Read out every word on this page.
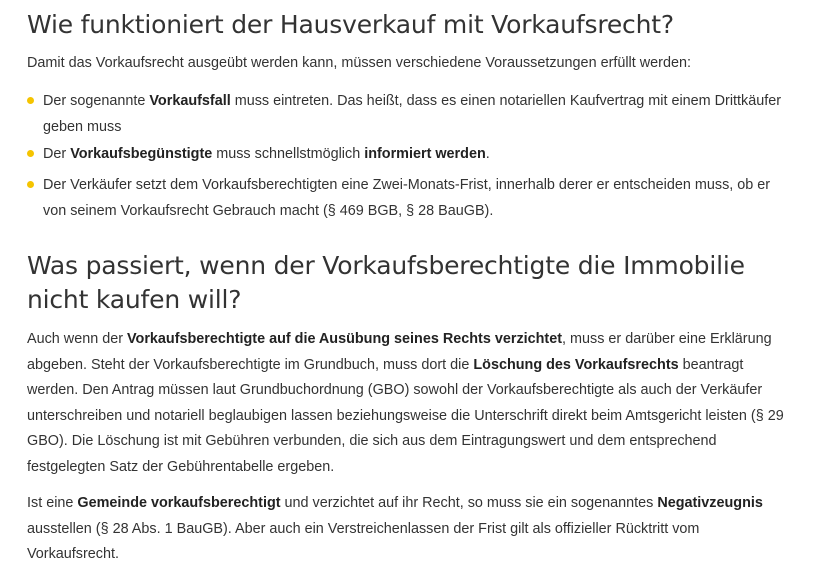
Wie funktioniert der Hausverkauf mit Vorkaufsrecht?

Damit das Vorkaufsrecht ausgeübt werden kann, müssen verschiedene Voraussetzungen erfüllt werden:

Der sogenannte Vorkaufsfall muss eintreten. Das heißt, dass es einen notariellen Kaufvertrag mit einem Drittkäufer geben muss
Der Vorkaufsbegünstigte muss schnellstmöglich informiert werden.
Der Verkäufer setzt dem Vorkaufsberechtigten eine Zwei-Monats-Frist, innerhalb derer er entscheiden muss, ob er von seinem Vorkaufsrecht Gebrauch macht (§ 469 BGB, § 28 BauGB).
Was passiert, wenn der Vorkaufsberechtigte die Immobilie nicht kaufen will?

Auch wenn der Vorkaufsberechtigte auf die Ausübung seines Rechts verzichtet, muss er darüber eine Erklärung abgeben. Steht der Vorkaufsberechtigte im Grundbuch, muss dort die Löschung des Vorkaufsrechts beantragt werden. Den Antrag müssen laut Grundbuchordnung (GBO) sowohl der Vorkaufsberechtigte als auch der Verkäufer unterschreiben und notariell beglaubigen lassen beziehungsweise die Unterschrift direkt beim Amtsgericht leisten (§ 29 GBO). Die Löschung ist mit Gebühren verbunden, die sich aus dem Eintragungswert und dem entsprechend festgelegten Satz der Gebührentabelle ergeben.

Ist eine Gemeinde vorkaufsberechtigt und verzichtet auf ihr Recht, so muss sie ein sogenanntes Negativzeugnis ausstellen (§ 28 Abs. 1 BauGB). Aber auch ein Verstreichenlassen der Frist gilt als offizieller Rücktritt vom Vorkaufsrecht.
